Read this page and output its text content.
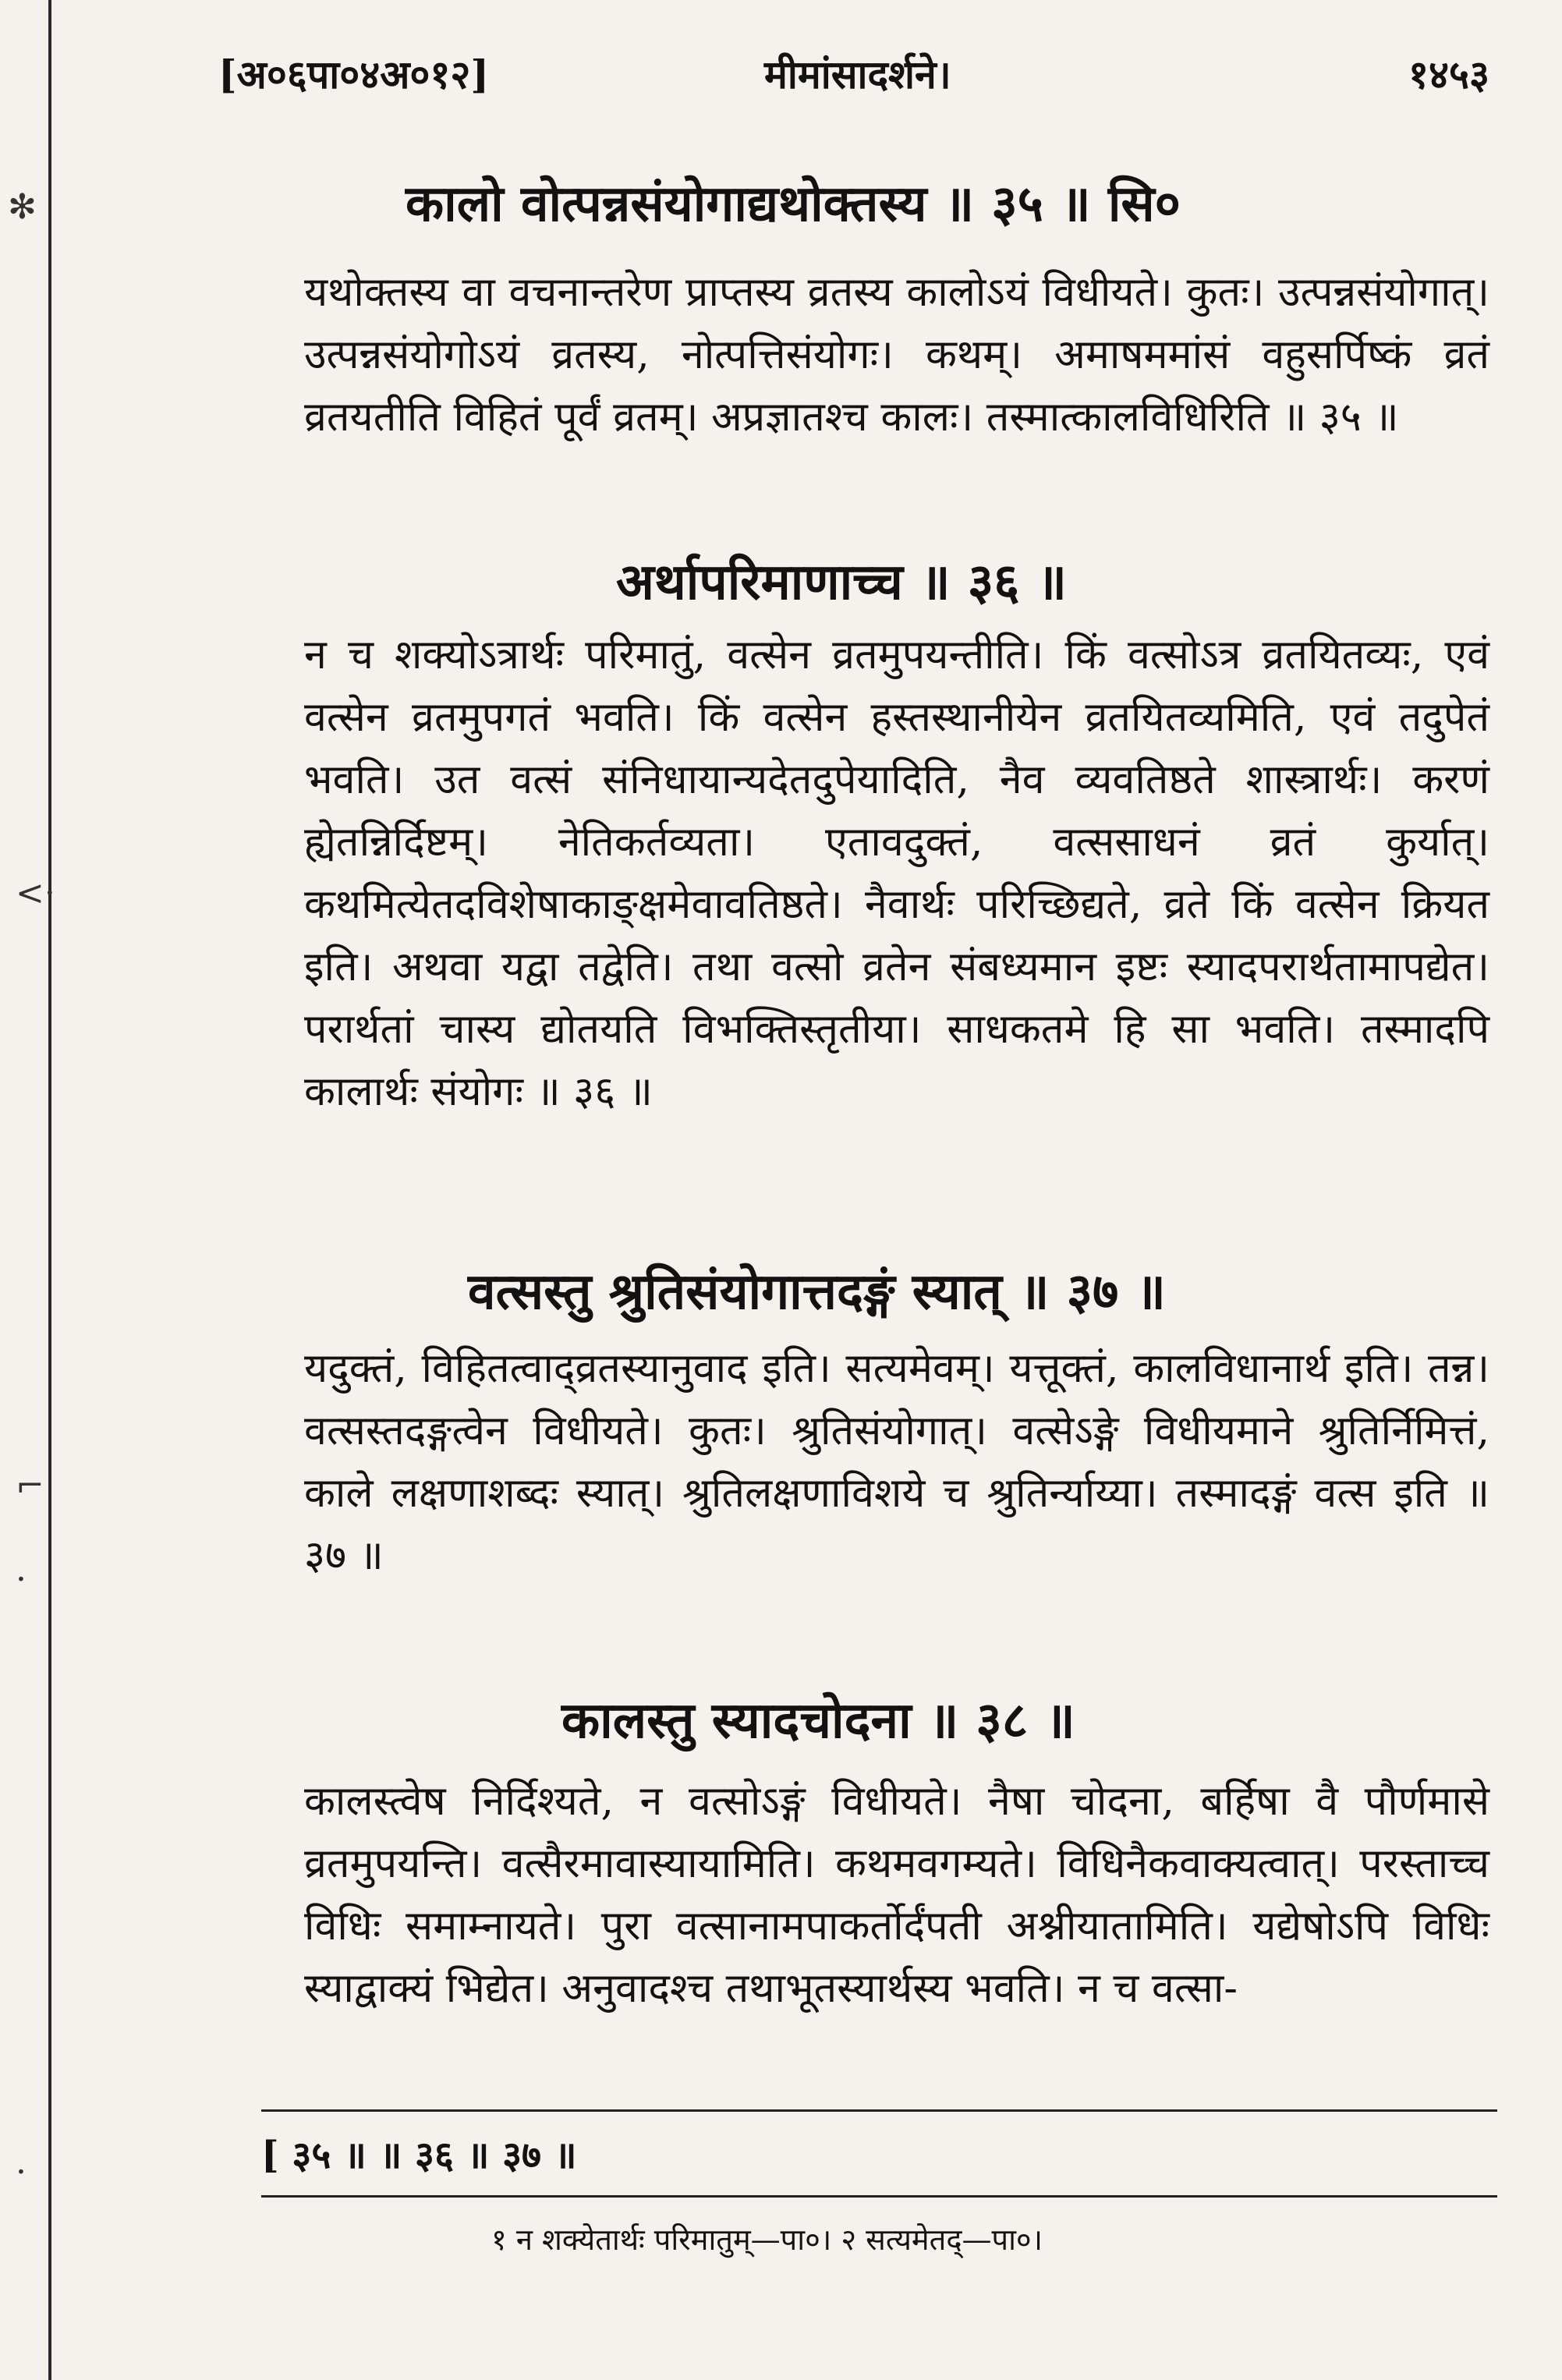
✻
<·
⌐
·
·
[अ०६पा०४अ०१२]	मीमांसादर्शने।	१४५३
कालो वोत्पन्नसंयोगाद्यथोक्तस्य ॥ ३५ ॥ सि०
यथोक्तस्य वा वचनान्तरेण प्राप्तस्य व्रतस्य कालोऽयं विधीयते। कुतः। उत्पन्नसंयोगात्। उत्पन्नसंयोगोऽयं व्रतस्य, नोत्पत्तिसंयोगः। कथम्। अमाषममांसं वहुसर्पिष्कं व्रतं व्रतयतीति विहितं पूर्वं व्रतम्। अप्रज्ञातश्च कालः। तस्मात्कालविधिरिति ॥ ३५ ॥
अर्थापरिमाणाच्च ॥ ३६ ॥
न च शक्योऽत्रार्थः परिमातुं, वत्सेन व्रतमुपयन्तीति। किं वत्सोऽत्र व्रतयितव्यः, एवं वत्सेन व्रतमुपगतं भवति। किं वत्सेन हस्तस्थानीयेन व्रतयितव्यमिति, एवं तदुपेतं भवति। उत वत्सं संनिधायान्यदेतदुपेयादिति, नैव व्यवतिष्ठते शास्त्रार्थः। करणं ह्येतन्निर्दिष्टम्। नेतिकर्तव्यता। एतावदुक्तं, वत्ससाधनं व्रतं कुर्यात्। कथमित्येतदविशेषाकाङ्क्षमेवावतिष्ठते। नैवार्थः परिच्छिद्यते, व्रते किं वत्सेन क्रियत इति। अथवा यद्वा तद्वेति। तथा वत्सो व्रतेन संबध्यमान इष्टः स्यादपरार्थतामापद्येत। परार्थतां चास्य द्योतयति विभक्तिस्तृतीया। साधकतमे हि सा भवति। तस्मादपि कालार्थः संयोगः ॥ ३६ ॥
वत्सस्तु श्रुतिसंयोगात्तदङ्गं स्यात् ॥ ३७ ॥
यदुक्तं, विहितत्वाद्व्रतस्यानुवाद इति। सत्यमेवम्। यत्तूक्तं, कालविधानार्थ इति। तन्न। वत्सस्तदङ्गत्वेन विधीयते। कुतः। श्रुतिसंयोगात्। वत्सेऽङ्गे विधीयमाने श्रुतिर्निमित्तं, काले लक्षणाशब्दः स्यात्। श्रुतिलक्षणाविशये च श्रुतिर्न्याय्या। तस्मादङ्गं वत्स इति ॥ ३७ ॥
कालस्तु स्यादचोदना ॥ ३८ ॥
कालस्त्वेष निर्दिश्यते, न वत्सोऽङ्गं विधीयते। नैषा चोदना, बर्हिषा वै पौर्णमासे व्रतमुपयन्ति। वत्सैरमावास्यायामिति। कथमवगम्यते। विधिनैकवाक्यत्वात्। परस्ताच्च विधिः समाम्नायते। पुरा वत्सानामपाकर्तोर्दंपती अश्नीयातामिति। यद्येषोऽपि विधिः स्याद्वाक्यं भिद्येत। अनुवादश्च तथाभूतस्यार्थस्य भवति। न च वत्सा-
[ ३५ ॥ ॥ ३६ ॥ ३७ ॥
१ न शक्येतार्थः परिमातुम्—पा०। २ सत्यमेतद्—पा०।
